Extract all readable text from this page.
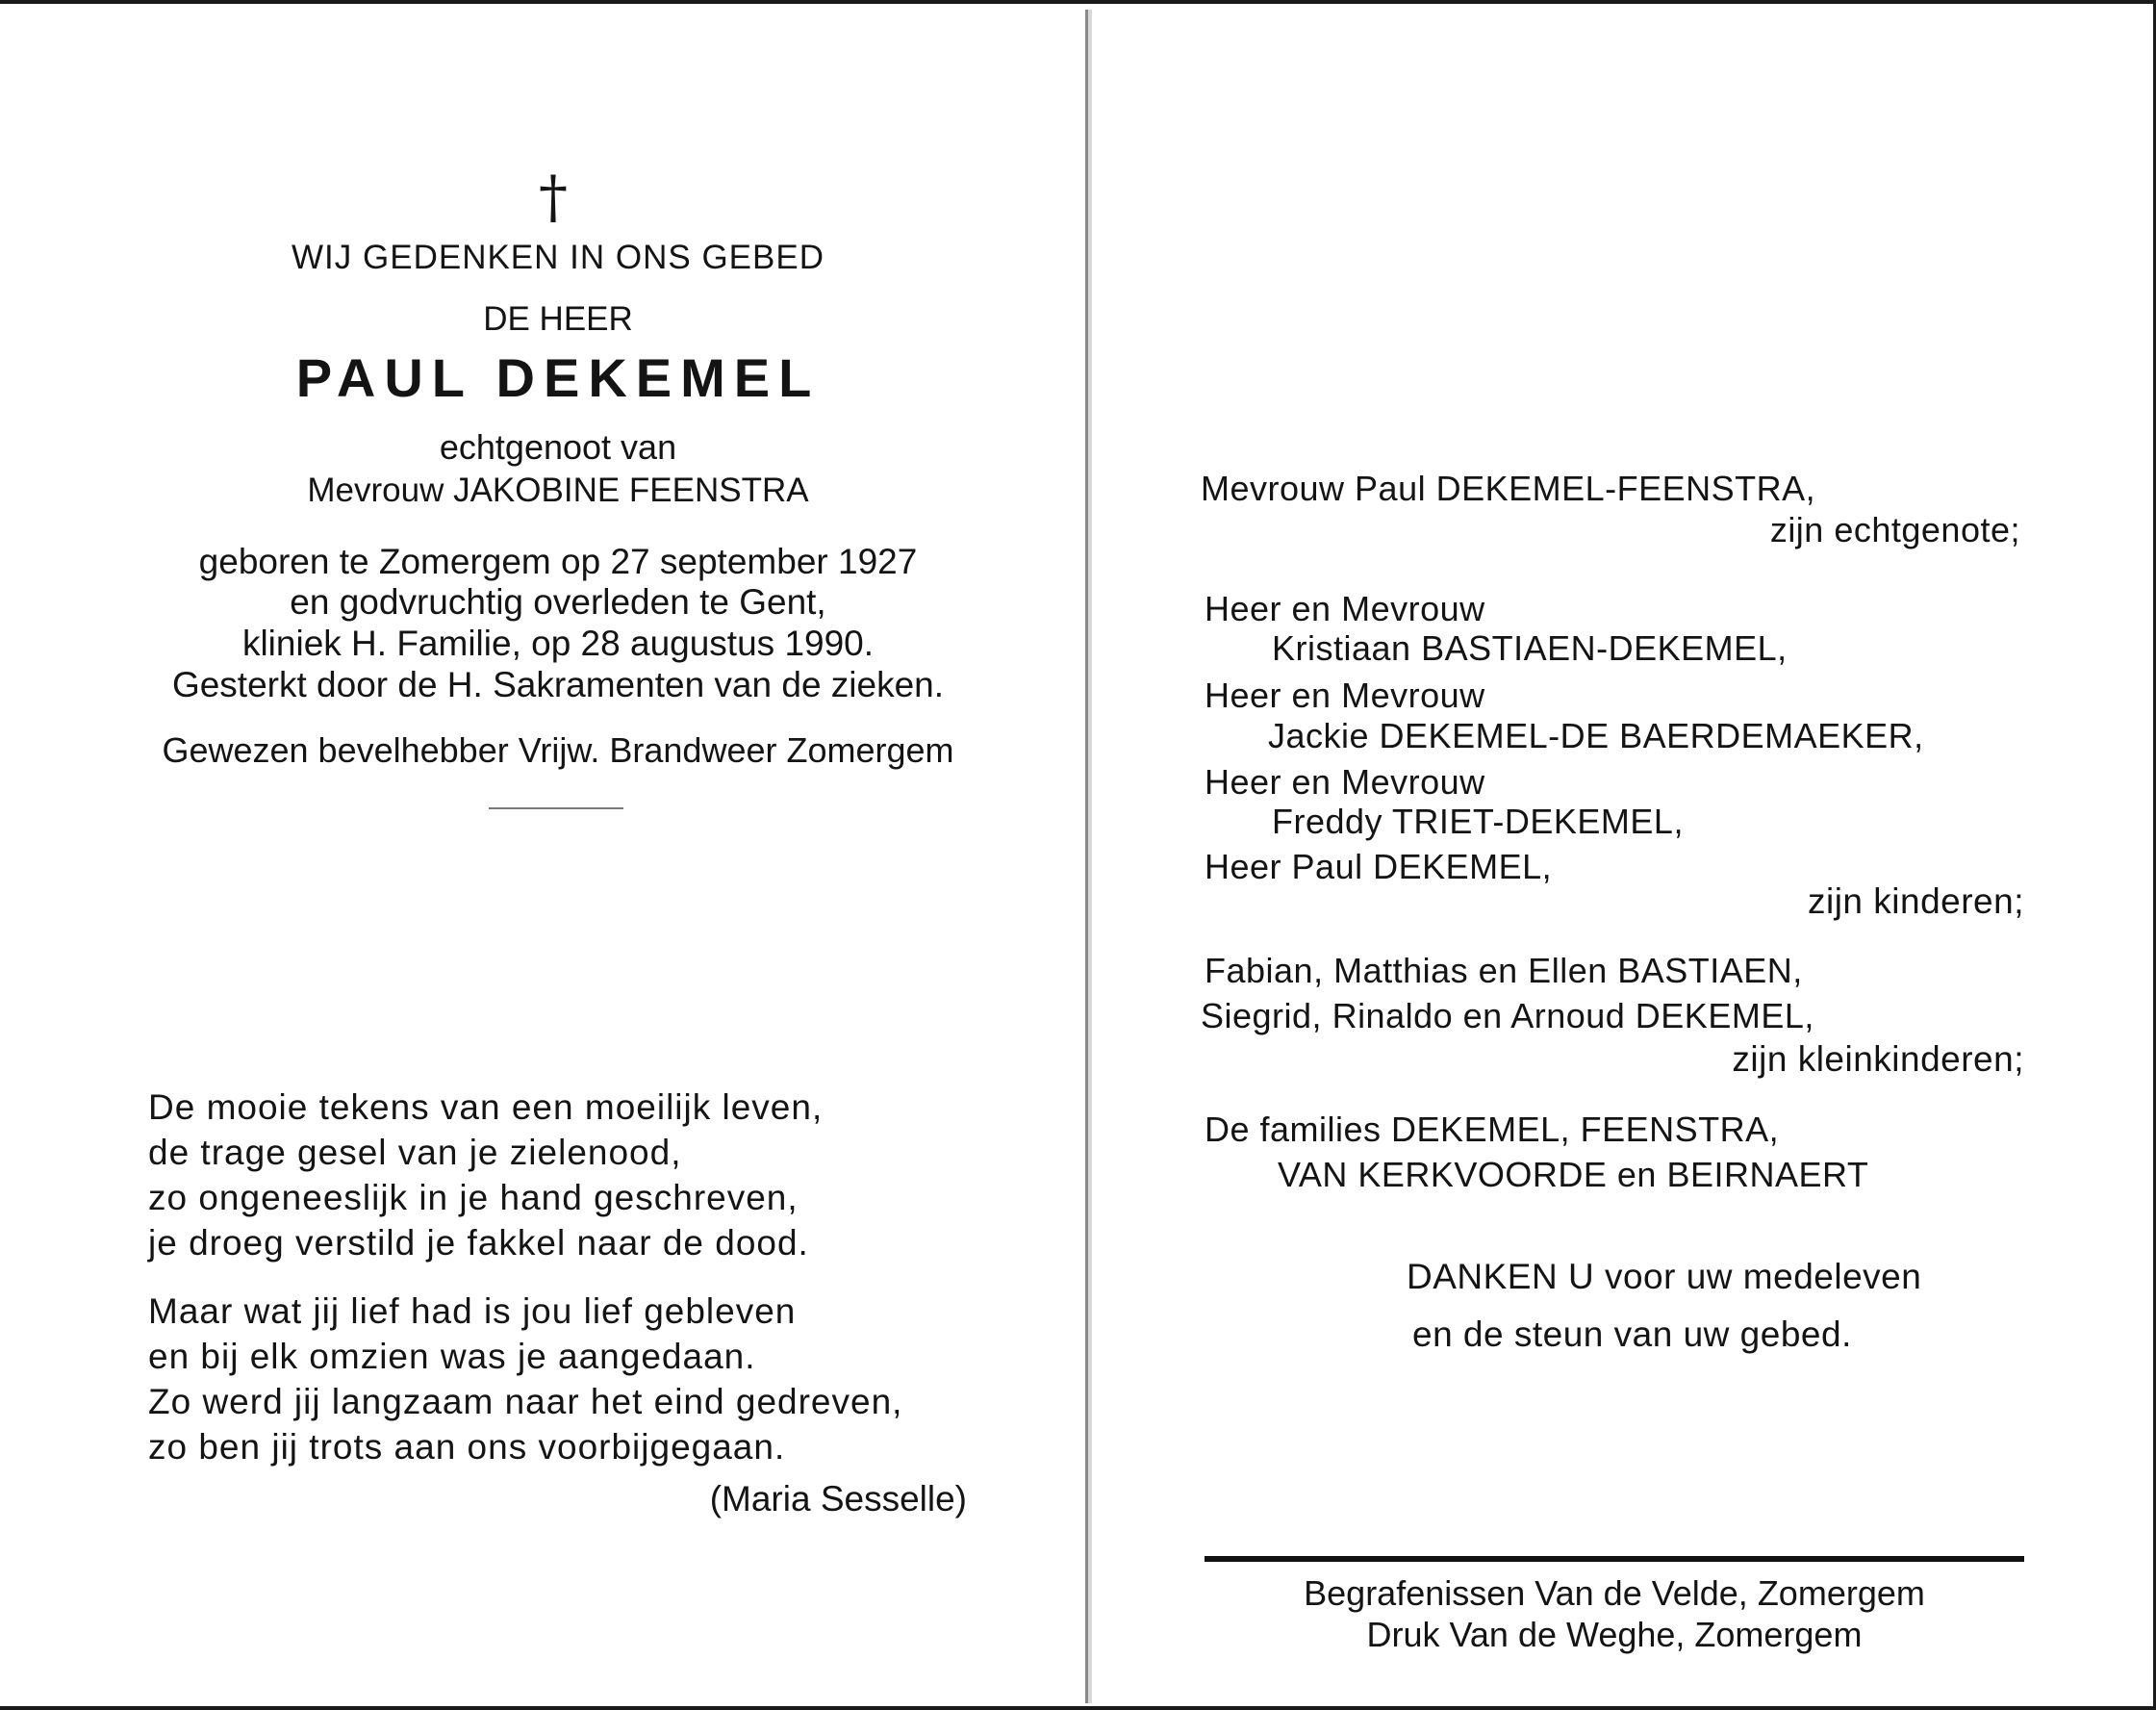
†
WIJ GEDENKEN IN ONS GEBED
DE HEER
PAUL DEKEMEL
echtgenoot van
Mevrouw JAKOBINE FEENSTRA
geboren te Zomergem op 27 september 1927
en godvruchtig overleden te Gent,
kliniek H. Familie, op 28 augustus 1990.
Gesterkt door de H. Sakramenten van de zieken.
Gewezen bevelhebber Vrijw. Brandweer Zomergem
De mooie tekens van een moeilijk leven,
de trage gesel van je zielenood,
zo ongeneeslijk in je hand geschreven,
je droeg verstild je fakkel naar de dood.
Maar wat jij lief had is jou lief gebleven
en bij elk omzien was je aangedaan.
Zo werd jij langzaam naar het eind gedreven,
zo ben jij trots aan ons voorbijgegaan.
(Maria Sesselle)
Mevrouw Paul DEKEMEL-FEENSTRA,
zijn echtgenote;
Heer en Mevrouw
Kristiaan BASTIAEN-DEKEMEL,
Heer en Mevrouw
Jackie DEKEMEL-DE BAERDEMAEKER,
Heer en Mevrouw
Freddy TRIET-DEKEMEL,
Heer Paul DEKEMEL,
zijn kinderen;
Fabian, Matthias en Ellen BASTIAEN,
Siegrid, Rinaldo en Arnoud DEKEMEL,
zijn kleinkinderen;
De families DEKEMEL, FEENSTRA,
VAN KERKVOORDE en BEIRNAERT
DANKEN U voor uw medeleven
en de steun van uw gebed.
Begrafenissen Van de Velde, Zomergem
Druk Van de Weghe, Zomergem
